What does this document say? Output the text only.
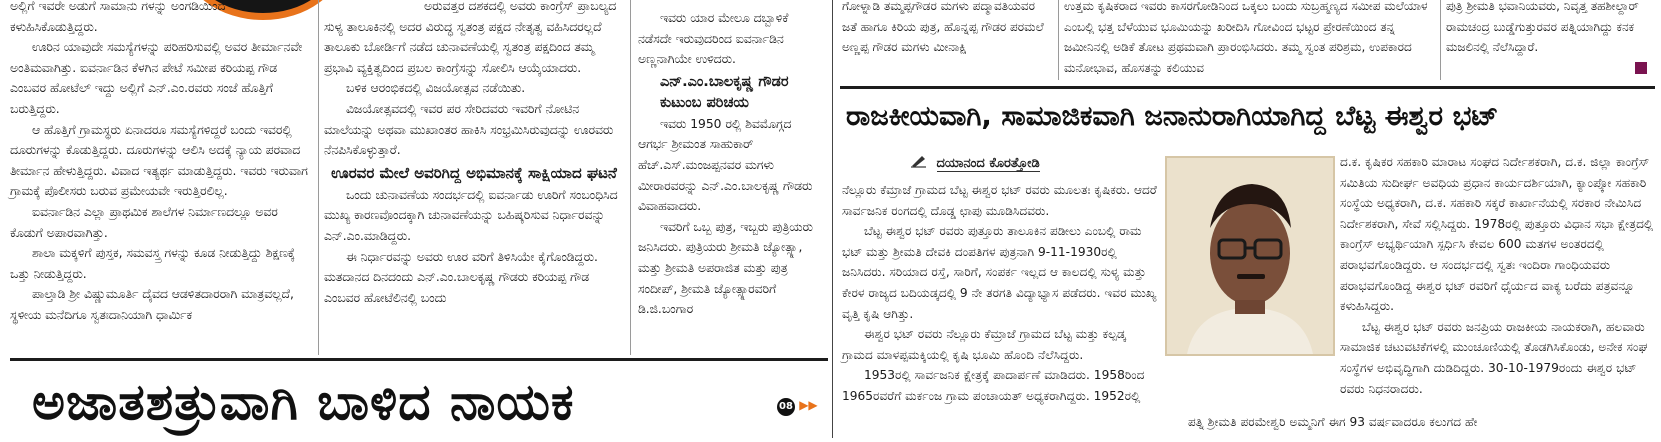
ಅಲ್ಲಿಗೆ ಇವರೇ ಅಡುಗೆ ಸಾಮಾನು ಗಳನ್ನು ಅಂಗಡಿಯಿಂದ ಕಳುಹಿಸಿಕೊಡುತ್ತಿದ್ದರು.

ಊರಿನ ಯಾವುದೇ ಸಮಸ್ಯೆಗಳನ್ನು ಪರಿಹರಿಸುವಲ್ಲಿ ಅವರ ತೀರ್ಮಾನವೇ ಅಂತಿಮವಾಗಿತ್ತು. ಐವರ್ನಾಡಿನ ಕೆಳಗಿನ ಪೇಟೆ ಸಮೀಪ ಕರಿಯಪ್ಪ ಗೌಡ ಎಂಬವರ ಹೋಟೆಲ್ ಇದ್ದು ಅಲ್ಲಿಗೆ ಎನ್.ಎಂ.ರವರು ಸಂಜೆ ಹೊತ್ತಿಗೆ ಬರುತ್ತಿದ್ದರು.

ಆ ಹೊತ್ತಿಗೆ ಗ್ರಾಮಸ್ಥರು ಏನಾದರೂ ಸಮಸ್ಯೆಗಳಿದ್ದರೆ ಬಂದು ಇವರಲ್ಲಿ ದೂರುಗಳನ್ನು ಕೊಡುತ್ತಿದ್ದರು. ದೂರುಗಳನ್ನು ಆಲಿಸಿ ಅದಕ್ಕೆ ನ್ಯಾಯ ಪರವಾದ ತೀರ್ಮಾನ ಹೇಳುತ್ತಿದ್ದರು. ವಿವಾದ ಇತ್ಯರ್ಥ ಮಾಡುತ್ತಿದ್ದರು. ಇವರು ಇರುವಾಗ ಗ್ರಾಮಕ್ಕೆ ಪೊಲೀಸರು ಬರುವ ಪ್ರಮೇಯವೇ ಇರುತ್ತಿರಲಿಲ್ಲ.

ಐವರ್ನಾಡಿನ ಎಲ್ಲಾ ಪ್ರಾಥಮಿಕ ಶಾಲೆಗಳ ನಿರ್ಮಾಣದಲ್ಲೂ ಅವರ ಕೊಡುಗೆ ಅಪಾರವಾಗಿತ್ತು.

ಶಾಲಾ ಮಕ್ಕಳಿಗೆ ಪುಸ್ತಕ, ಸಮವಸ್ತ್ರ ಗಳನ್ನು ಕೂಡ ನೀಡುತ್ತಿದ್ದು ಶಿಕ್ಷಣಕ್ಕೆ ಒತ್ತು ನೀಡುತ್ತಿದ್ದರು.

ಪಾಲ್ತಾಡಿ ಶ್ರೀ ವಿಷ್ಣುಮೂರ್ತಿ ದೈವದ ಆಡಳಿತದಾರರಾಗಿ ಮಾತ್ರವಲ್ಲದೆ, ಸ್ಥಳೀಯ ಮನೆದಿಗೂ ಸ್ವತಃದಾನಿಯಾಗಿ ಧಾರ್ಮಿಕ

ಅರುವತ್ತರ ದಶಕದಲ್ಲಿ ಅವರು ಕಾಂಗ್ರೆಸ್ ಪ್ರಾಬಲ್ಯದ ಸುಳ್ಯ ತಾಲೂಕಿನಲ್ಲಿ ಅದರ ವಿರುದ್ಧ ಸ್ವತಂತ್ರ ಪಕ್ಷದ ನೇತೃತ್ವ ವಹಿಸಿದರಲ್ಲದೆ ತಾಲೂಕು ಬೋರ್ಡಿಗೆ ನಡೆದ ಚುನಾವಣೆಯಲ್ಲಿ ಸ್ವತಂತ್ರ ಪಕ್ಷದಿಂದ ತಮ್ಮ ಪ್ರಭಾವಿ ವ್ಯಕ್ತಿತ್ವದಿಂದ ಪ್ರಬಲ ಕಾಂಗ್ರೆಸನ್ನು ಸೋಲಿಸಿ ಆಯ್ಕೆಯಾದರು.

ಬಳಿಕ ಆರಂಭಿಕದಲ್ಲಿ ವಿಜಯೋತ್ಸವ ನಡೆಯಿತು.

ವಿಜಯೋತ್ಸವದಲ್ಲಿ ಇವರ ಪರ ಸೇರಿದವರು ಇವರಿಗೆ ನೋಟಿನ ಮಾಲೆಯನ್ನು ಅಥವಾ ಮುಖಾಂತರ ಹಾಕಿಸಿ ಸಂಭ್ರಮಿಸಿರುವುದನ್ನು ಊರವರು ನೆನಪಿಸಿಕೊಳ್ಳುತ್ತಾರೆ.

ಊರವರ ಮೇಲೆ ಅವರಿಗಿದ್ದ ಅಭಿಮಾನಕ್ಕೆ ಸಾಕ್ಷಿಯಾದ ಘಟನೆ

ಒಂದು ಚುನಾವಣೆಯ ಸಂದರ್ಭದಲ್ಲಿ ಐವರ್ನಾಡು ಊರಿಗೆ ಸಂಬಂಧಿಸಿದ ಮುಖ್ಯ ಕಾರಣವೊಂದಕ್ಕಾಗಿ ಚುನಾವಣೆಯನ್ನು ಬಹಿಷ್ಕರಿಸುವ ನಿರ್ಧಾರವನ್ನು ಎನ್.ಎಂ.ಮಾಡಿದ್ದರು.

ಈ ನಿರ್ಧಾರವನ್ನು ಅವರು ಊರ ವರಿಗೆ ತಿಳಿಸಿಯೇ ಕೈಗೊಂಡಿದ್ದರು. ಮತದಾನದ ದಿನದಂದು ಎನ್.ಎಂ.ಬಾಲಕೃಷ್ಣ ಗೌಡರು ಕರಿಯಪ್ಪ ಗೌಡ ಎಂಬವರ ಹೋಟೆಲಿನಲ್ಲಿ ಬಂದು

ಇವರು ಯಾರ ಮೇಲೂ ದಬ್ಬಾಳಿಕೆ ನಡೆಸದೇ ಇರುವುದರಿಂದ ಐವರ್ನಾಡಿನ ಅಣ್ಣನಾಗಿಯೇ ಉಳಿದರು.

ಎನ್.ಎಂ.ಬಾಲಕೃಷ್ಣ ಗೌಡರ ಕುಟುಂಬ ಪರಿಚಯ

ಇವರು 1950 ರಲ್ಲಿ ಶಿವಮೊಗ್ಗದ ಆಗರ್ಭ ಶ್ರೀಮಂತ ಸಾಹುಕಾರ್ ಹೆಚ್.ಎಸ್.ಮಂಜಪ್ಪನವರ ಮಗಳು ಮೀರಾರವರನ್ನು ಎನ್.ಎಂ.ಬಾಲಕೃಷ್ಣ ಗೌಡರು ವಿವಾಹವಾದರು.

ಇವರಿಗೆ ಒಬ್ಬ ಪುತ್ರ, ಇಬ್ಬರು ಪುತ್ರಿಯರು ಜನಿಸಿದರು. ಪುತ್ರಿಯರು ಶ್ರೀಮತಿ ಜ್ಯೋತ್ಸ್ನಾ, ಮತ್ತು ಶ್ರೀಮತಿ ಅಪರಾಜಿತ ಮತ್ತು ಪುತ್ರ ಸಂದೀಪ್, ಶ್ರೀಮತಿ ಜ್ಯೋತ್ಸ್ನಾರವರಿಗೆ ಡಿ.ಜಿ.ಬಂಗಾರ

08 ▶▶
ಅಜಾತಶತ್ರುವಾಗಿ ಬಾಳಿದ ನಾಯಕ

ಗೋಳ್ನಾಡಿ ತಮ್ಮಪ್ಪಗೌಡರ ಮಗಳು ಪದ್ಮಾವತಿಯವರ ಜತೆ ಹಾಗೂ ಕಿರಿಯ ಪುತ್ರ, ಹೊನ್ನಪ್ಪ ಗೌಡರ ಪರಮಲೆ ಅಣ್ಣಪ್ಪ ಗೌಡರ ಮಗಳು ಮೀನಾಕ್ಷಿ

ಉತ್ತಮ ಕೃಷಿಕರಾದ ಇವರು ಕಾಸರಗೋಡಿನಿಂದ ಒಕ್ಕಲು ಬಂದು ಸುಬ್ರಹ್ಮಣ್ಯದ ಸಮೀಪ ಮಲೆಯಾಳ ಎಂಬಲ್ಲಿ ಭತ್ತ ಬೆಳೆಯುವ ಭೂಮಿಯನ್ನು ಖರೀದಿಸಿ ಗೋವಿಂದ ಭಟ್ಟರ ಪ್ರೇರಣೆಯಿಂದ ತನ್ನ ಜಮೀನಿನಲ್ಲಿ ಅಡಿಕೆ ತೋಟ ಪ್ರಥಮವಾಗಿ ಪ್ರಾರಂಭಿಸಿದರು. ತಮ್ಮ ಸ್ವಂತ ಪರಿಶ್ರಮ, ಉಪಕಾರದ ಮನೋಭಾವ, ಹೊಸತನ್ನು ಕಲಿಯುವ

ಪುತ್ರಿ ಶ್ರೀಮತಿ ಭವಾನಿಯವರು, ನಿವೃತ್ತ ತಹಶೀಲ್ದಾರ್ ರಾಮಚಂದ್ರ ಬುಡ್ಡೆಗುತ್ತುರವರ ಪತ್ನಿಯಾಗಿದ್ದು ಕನಕ ಮಜಲಿನಲ್ಲಿ ನೆಲೆಸಿದ್ದಾರೆ.

ರಾಜಕೀಯವಾಗಿ, ಸಾಮಾಜಿಕವಾಗಿ ಜನಾನುರಾಗಿಯಾಗಿದ್ದ ಬೆಟ್ಟ ಈಶ್ವರ ಭಟ್
ದಯಾನಂದ ಕೊರತ್ತೋಡಿ

ನೆಲ್ಲೂರು ಕೆಮ್ರಾಜೆ ಗ್ರಾಮದ ಬೆಟ್ಟ ಈಶ್ವರ ಭಟ್ ರವರು ಮೂಲತಃ ಕೃಷಿಕರು. ಆದರೆ ಸಾರ್ವಜನಿಕ ರಂಗದಲ್ಲಿ ದೊಡ್ಡ ಛಾಪು ಮೂಡಿಸಿದವರು.

ಬೆಟ್ಟ ಈಶ್ವರ ಭಟ್ ರವರು ಪುತ್ತೂರು ತಾಲೂಕಿನ ಪಡೀಲು ಎಂಬಲ್ಲಿ ರಾಮ ಭಟ್ ಮತ್ತು ಶ್ರೀಮತಿ ದೇವಕಿ ದಂಪತಿಗಳ ಪುತ್ರನಾಗಿ 9-11-1930ರಲ್ಲಿ ಜನಿಸಿದರು. ಸರಿಯಾದ ರಸ್ತೆ, ಸಾರಿಗೆ, ಸಂಪರ್ಕ ಇಲ್ಲದ ಆ ಕಾಲದಲ್ಲಿ ಸುಳ್ಯ ಮತ್ತು ಕೇರಳ ರಾಜ್ಯದ ಬದಿಯಡ್ಕದಲ್ಲಿ 9 ನೇ ತರಗತಿ ವಿದ್ಯಾಭ್ಯಾಸ ಪಡೆದರು. ಇವರ ಮುಖ್ಯ ವೃತ್ತಿ ಕೃಷಿ ಆಗಿತ್ತು.

ಈಶ್ವರ ಭಟ್ ರವರು ನೆಲ್ಲೂರು ಕೆಮ್ರಾಜೆ ಗ್ರಾಮದ ಬೆಟ್ಟ ಮತ್ತು ಕಲ್ಪಡ್ಕ ಗ್ರಾಮದ ಮಾಳಪ್ಪಮಕ್ಕಿಯಲ್ಲಿ ಕೃಷಿ ಭೂಮಿ ಹೊಂದಿ ನೆಲೆಸಿದ್ದರು.

1953ರಲ್ಲಿ ಸಾರ್ವಜನಿಕ ಕ್ಷೇತ್ರಕ್ಕೆ ಪಾದಾರ್ಪಣೆ ಮಾಡಿದರು. 1958ರಿಂದ 1965ರವರೆಗೆ ಮರ್ಕಂಜ ಗ್ರಾಮ ಪಂಚಾಯತ್ ಅಧ್ಯಕರಾಗಿದ್ದರು. 1952ರಲ್ಲಿ

ದ.ಕ. ಕೃಷಿಕರ ಸಹಕಾರಿ ಮಾರಾಟ ಸಂಘದ ನಿರ್ದೇಶಕರಾಗಿ, ದ.ಕ. ಜಿಲ್ಲಾ ಕಾಂಗ್ರೆಸ್ ಸಮಿತಿಯ ಸುದೀರ್ಘ ಅವಧಿಯ ಪ್ರಧಾನ ಕಾರ್ಯದರ್ಶಿಯಾಗಿ, ಕ್ಯಾಂಪ್ಕೋ ಸಹಕಾರಿ ಸಂಸ್ಥೆಯ ಅಧ್ಯಕರಾಗಿ, ದ.ಕ. ಸಹಕಾರಿ ಸಕ್ಕರೆ ಕಾರ್ಖಾನೆಯಲ್ಲಿ ಸರಕಾರ ನೇಮಿಸಿದ ನಿರ್ದೇಶಕರಾಗಿ, ಸೇವೆ ಸಲ್ಲಿಸಿದ್ದರು. 1978ರಲ್ಲಿ ಪುತ್ತೂರು ವಿಧಾನ ಸಭಾ ಕ್ಷೇತ್ರದಲ್ಲಿ ಕಾಂಗ್ರೆಸ್ ಅಭ್ಯರ್ಥಿಯಾಗಿ ಸ್ಪರ್ಧಿಸಿ ಕೇವಲ 600 ಮತಗಳ ಅಂತರದಲ್ಲಿ ಪರಾಭವಗೊಂಡಿದ್ದರು. ಆ ಸಂದರ್ಭದಲ್ಲಿ ಸ್ವತಃ ಇಂದಿರಾ ಗಾಂಧಿಯವರು ಪರಾಭವಗೊಂಡಿದ್ದ ಈಶ್ವರ ಭಟ್ ರವರಿಗೆ ಧೈರ್ಯದ ವಾಕ್ಯ ಬರೆದು ಪತ್ರವನ್ನೂ ಕಳುಹಿಸಿದ್ದರು.

ಬೆಟ್ಟ ಈಶ್ವರ ಭಟ್ ರವರು ಜನಪ್ರಿಯ ರಾಜಕೀಯ ನಾಯಕರಾಗಿ, ಹಲವಾರು ಸಾಮಾಜಿಕ ಚಟುವಟಿಕೆಗಳಲ್ಲಿ ಮುಂಚೂಣಿಯಲ್ಲಿ ತೊಡಗಿಸಿಕೊಂಡು, ಅನೇಕ ಸಂಘ ಸಂಸ್ಥೆಗಳ ಅಭಿವೃದ್ಧಿಗಾಗಿ ದುಡಿದಿದ್ದರು. 30-10-1979ರಂದು ಈಶ್ವರ ಭಟ್ ರವರು ನಿಧನರಾದರು.

ಪತ್ನಿ ಶ್ರೀಮತಿ ಪರಮೇಶ್ವರಿ ಅಮ್ಮನಿಗೆ ಈಗ 93 ವರ್ಷವಾದರೂ ಕಲುಗದ ಹೇ
